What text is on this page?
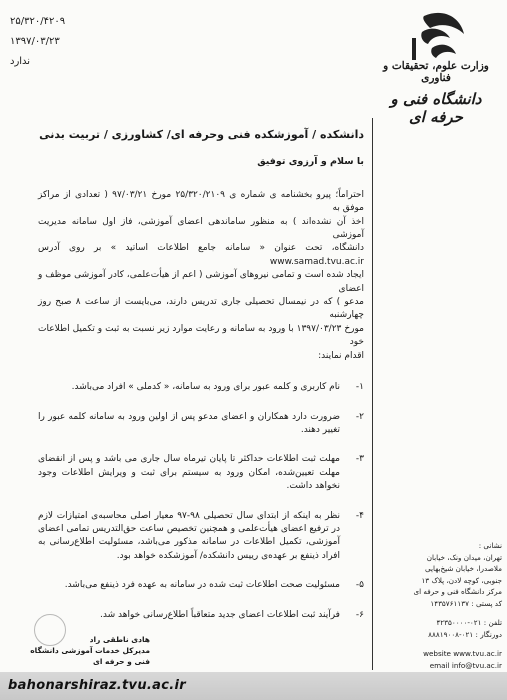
۲۵/۳۲۰/۴۲۰۹
۱۳۹۷/۰۳/۲۳
ندارد	وزارت علوم، تحقیقات و فناوری
دانشگاه فنی و حرفه ای
دانشکده / آموزشکده فنی وحرفه ای/ کشاورزی / تربیت بدنی
با سلام و آرزوی توفیق

احتراماً؛ پیرو بخشنامه ی شماره ی ۲۵/۳۲۰/۲۱۰۹ مورخ ۹۷/۰۳/۲۱ ( تعدادی از مراکز موفق به

اخذ آن نشده‌اند ) به منظور ساماندهی اعضای آموزشی، فاز اول سامانه مدیریت آموزشی

دانشگاه، تحت عنوان « سامانه جامع اطلاعات اساتید » بر روی آدرس www.samad.tvu.ac.ir

ایجاد شده است و تمامی نیروهای آموزشی ( اعم از هیأت‌علمی، کادر آموزشی موظف و اعضای

مدعو ) که در نیمسال تحصیلی جاری تدریس دارند، می‌بایست از ساعت ۸ صبح روز چهارشنبه

مورخ ۱۳۹۷/۰۳/۲۳ با ورود به سامانه و رعایت موارد زیر نسبت به ثبت و تکمیل اطلاعات خود

اقدام نمایند:

۱-
نام کاربری و کلمه عبور برای ورود به سامانه، « کدملی » افراد می‌باشد.
۲-
ضرورت دارد همکاران و اعضای مدعو پس از اولین ورود به سامانه کلمه عبور را تغییر دهند.
۳-
مهلت ثبت اطلاعات حداکثر تا پایان تیرماه سال جاری می باشد و پس از انقضای مهلت تعیین‌شده، امکان ورود به سیستم برای ثبت و ویرایش اطلاعات وجود نخواهد داشت.
۴-
نظر به اینکه از ابتدای سال تحصیلی ۹۸-۹۷ معیار اصلی محاسبه‌ی امتیازات لازم در ترفیع اعضای هیأت‌علمی و همچنین تخصیص ساعت حق‌التدریس تمامی اعضای آموزشی، تکمیل اطلاعات در سامانه مذکور می‌باشد، مسئولیت اطلاع‌رسانی به افراد ذینفع بر عهده‌ی رییس دانشکده/ آموزشکده خواهد بود.
۵-
مسئولیت صحت اطلاعات ثبت شده در سامانه به عهده فرد ذینفع می‌باشد.
۶-
فرآیند ثبت اطلاعات اعضای جدید متعاقباً اطلاع‌رسانی خواهد شد.
هادی ناطقی راد
مدیرکل خدمات آموزشی دانشگاه فنی و حرفه ای
نشانی :
تهران، میدان ونک، خیابان
ملاصدرا، خیابان شیخ‌بهایی
جنوبی، کوچه لادن، پلاک ۱۳
مرکز دانشگاه فنی و حرفه ای
کد پستی : ۱۴۳۵۷۶۱۱۳۷
تلفن : ۰۲۱-۴۲۳۵۰۰۰۰
دورنگار : ۰۲۱-۸۸۸۱۹۰۰۸
website www.tvu.ac.ir
email info@tvu.ac.ir
bahonarshiraz.tvu.ac.ir
